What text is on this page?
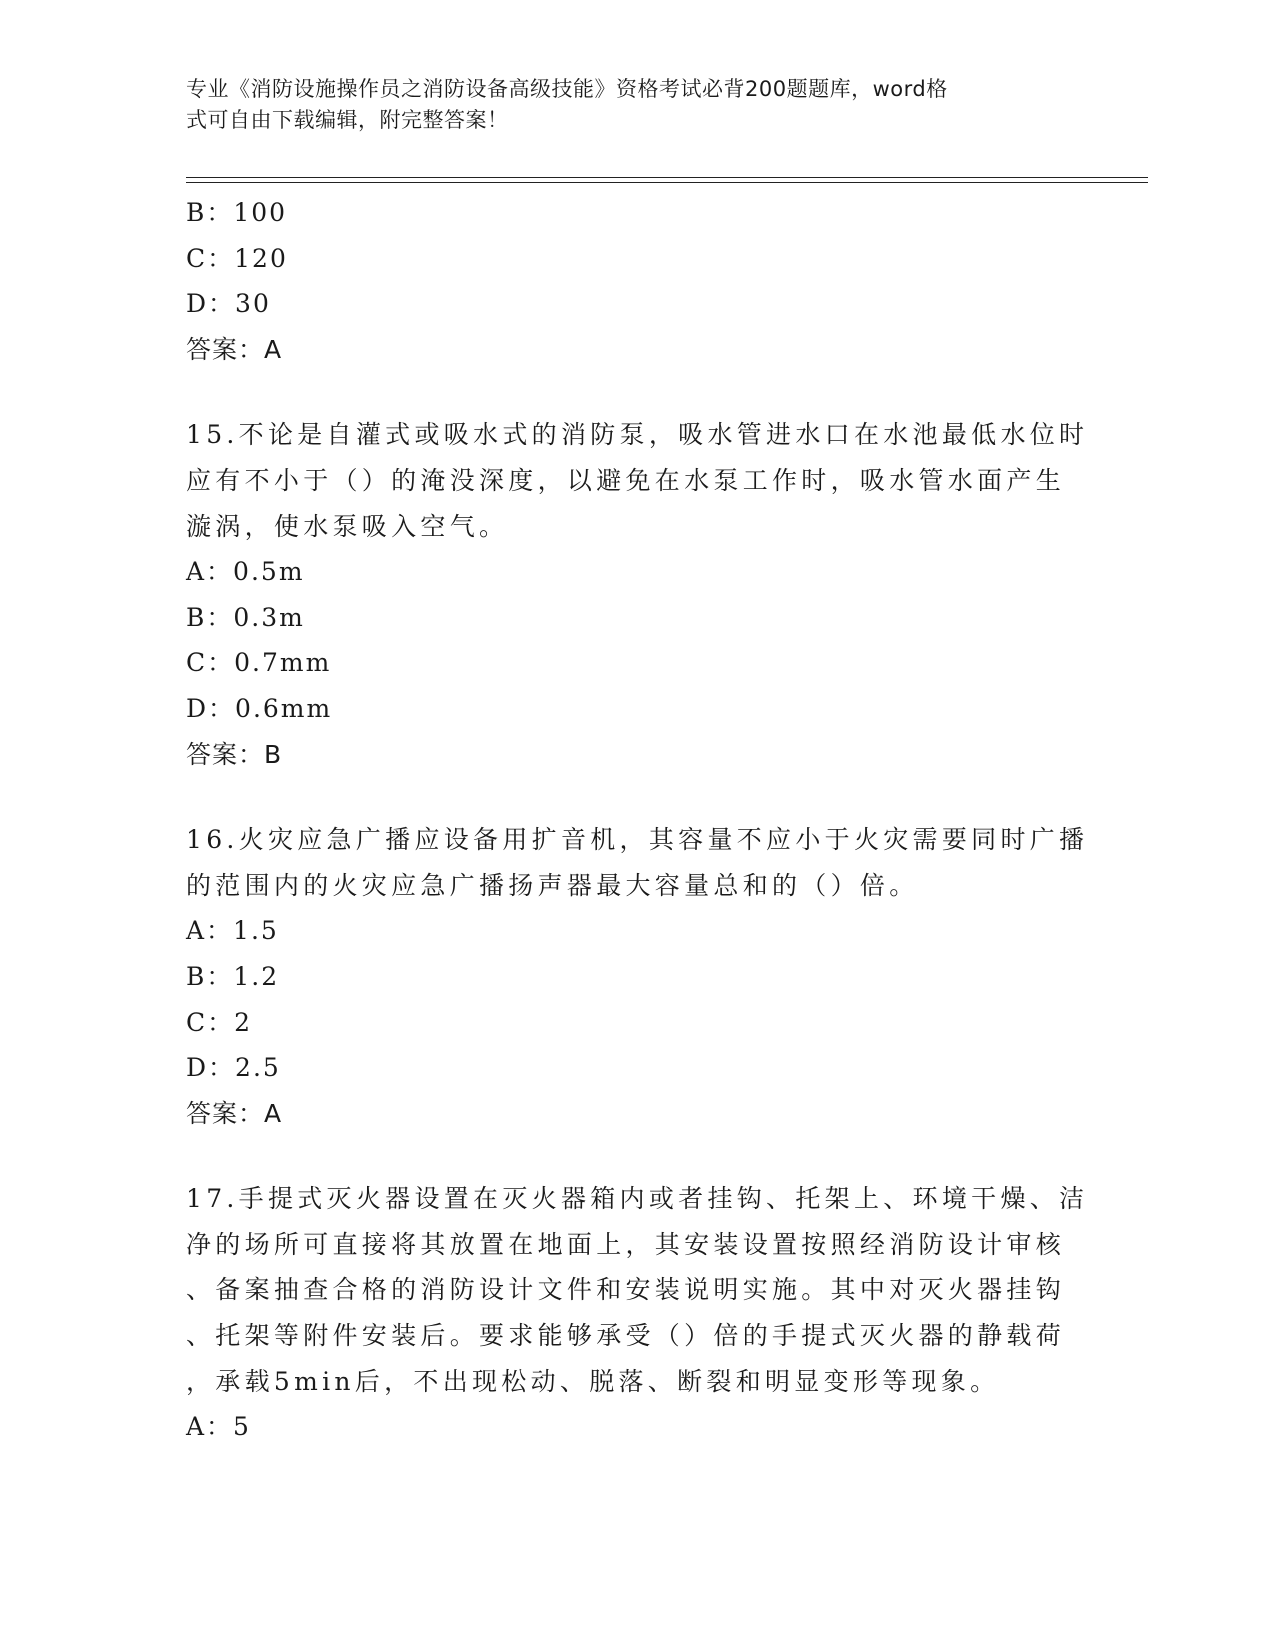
专业《消防设施操作员之消防设备高级技能》资格考试必背200题题库，word格
式可自由下载编辑，附完整答案！
B：100
C：120
D：30
答案：A
15.不论是自灌式或吸水式的消防泵，吸水管进水口在水池最低水位时
应有不小于（）的淹没深度，以避免在水泵工作时，吸水管水面产生
漩涡，使水泵吸入空气。
A：0.5m
B：0.3m
C：0.7mm
D：0.6mm
答案：B
16.火灾应急广播应设备用扩音机，其容量不应小于火灾需要同时广播
的范围内的火灾应急广播扬声器最大容量总和的（）倍。
A：1.5
B：1.2
C：2
D：2.5
答案：A
17.手提式灭火器设置在灭火器箱内或者挂钩、托架上、环境干燥、洁
净的场所可直接将其放置在地面上，其安装设置按照经消防设计审核
、备案抽查合格的消防设计文件和安装说明实施。其中对灭火器挂钩
、托架等附件安装后。要求能够承受（）倍的手提式灭火器的静载荷
，承载5min后，不出现松动、脱落、断裂和明显变形等现象。
A：5
